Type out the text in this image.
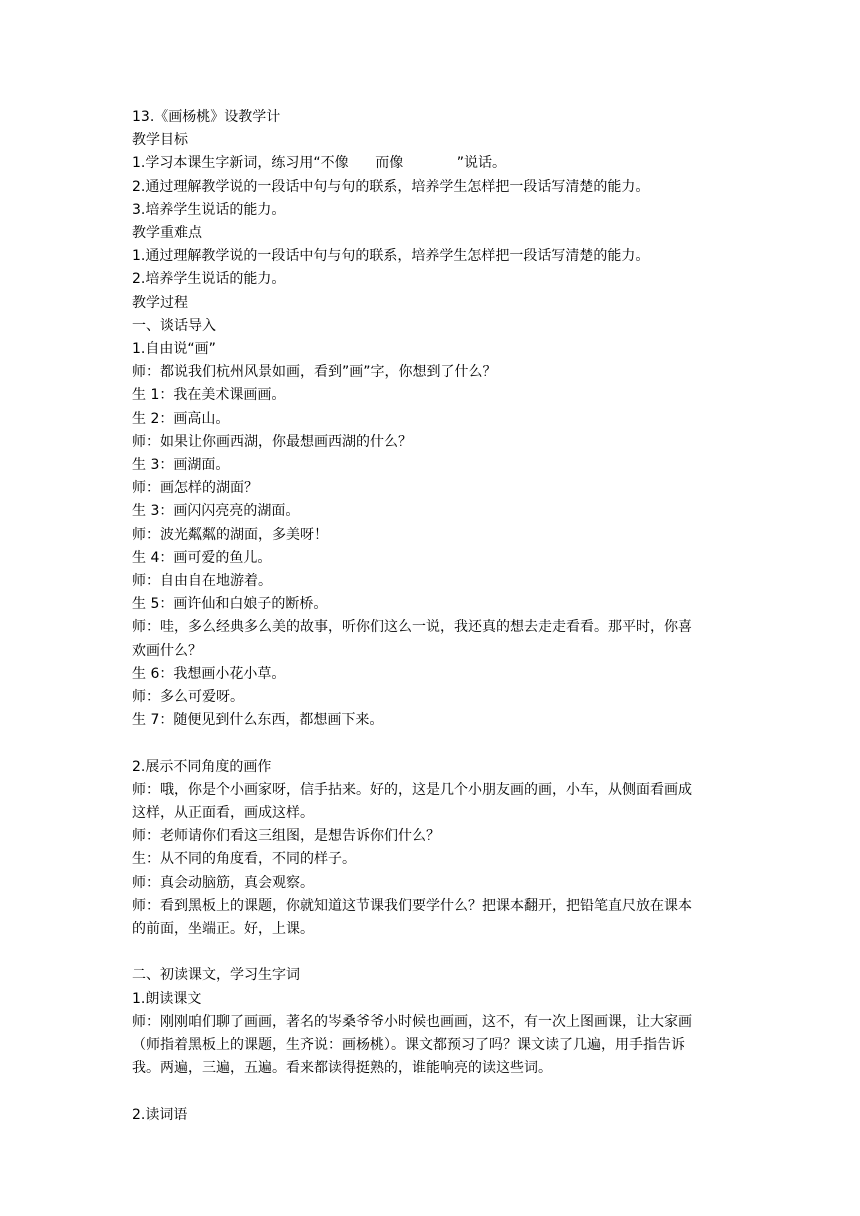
13.《画杨桃》设教学计

教学目标

1.学习本课生字新词，练习用“不像      而像            ”说话。

2.通过理解教学说的一段话中句与句的联系，培养学生怎样把一段话写清楚的能力。

3.培养学生说话的能力。

教学重难点

1.通过理解教学说的一段话中句与句的联系，培养学生怎样把一段话写清楚的能力。

2.培养学生说话的能力。

教学过程

一、谈话导入

1.自由说“画”

师：都说我们杭州风景如画，看到”画”字，你想到了什么？

生 1：我在美术课画画。

生 2：画高山。

师：如果让你画西湖，你最想画西湖的什么？

生 3：画湖面。

师：画怎样的湖面？

生 3：画闪闪亮亮的湖面。

师：波光粼粼的湖面，多美呀！

生 4：画可爱的鱼儿。

师：自由自在地游着。

生 5：画许仙和白娘子的断桥。

师：哇，多么经典多么美的故事，听你们这么一说，我还真的想去走走看看。那平时，你喜

欢画什么？

生 6：我想画小花小草。

师：多么可爱呀。

生 7：随便见到什么东西，都想画下来。

2.展示不同角度的画作

师：哦，你是个小画家呀，信手拈来。好的，这是几个小朋友画的画，小车，从侧面看画成

这样，从正面看，画成这样。

师：老师请你们看这三组图，是想告诉你们什么？

生：从不同的角度看，不同的样子。

师：真会动脑筋，真会观察。

师：看到黑板上的课题，你就知道这节课我们要学什么？把课本翻开，把铅笔直尺放在课本

的前面，坐端正。好，上课。

二、初读课文，学习生字词

1.朗读课文

师：刚刚咱们聊了画画，著名的岑桑爷爷小时候也画画，这不，有一次上图画课，让大家画

（师指着黑板上的课题，生齐说：画杨桃）。课文都预习了吗？课文读了几遍，用手指告诉

我。两遍，三遍，五遍。看来都读得挺熟的，谁能响亮的读这些词。

2.读词语
